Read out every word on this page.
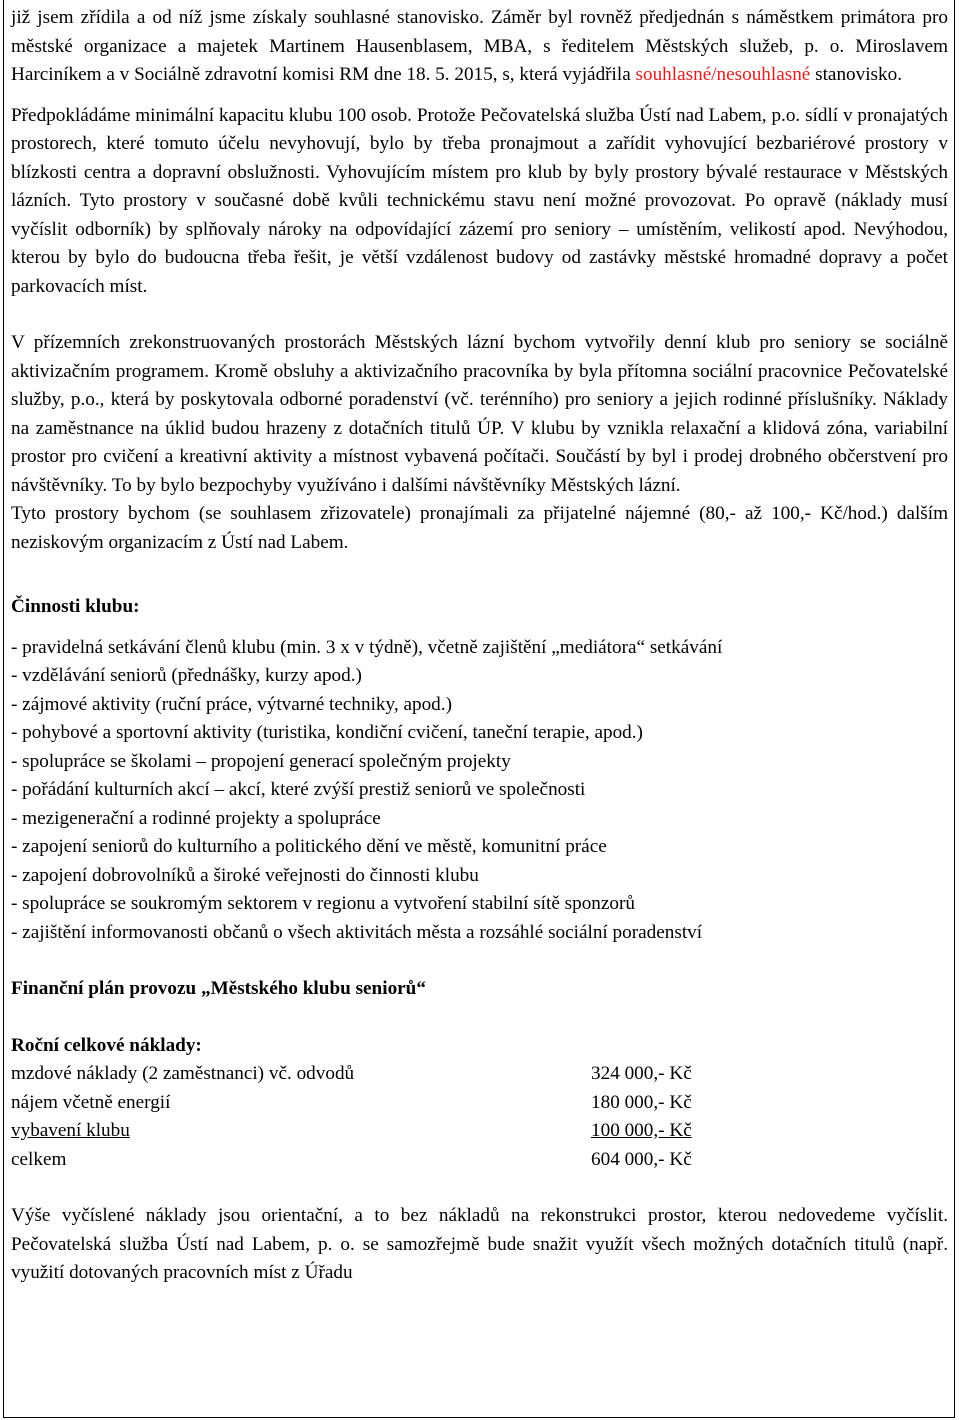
již jsem zřídila a od níž jsme získaly souhlasné stanovisko. Záměr byl rovněž předjednán s náměstkem primátora pro městské organizace a majetek Martinem Hausenblasem, MBA, s ředitelem Městských služeb, p. o. Miroslavem Harciníkem a v Sociálně zdravotní komisi RM dne 18. 5. 2015, s, která vyjádřila souhlasné/nesouhlasné stanovisko.

Předpokládáme minimální kapacitu klubu 100 osob. Protože Pečovatelská služba Ústí nad Labem, p.o. sídlí v pronajatých prostorech, které tomuto účelu nevyhovují, bylo by třeba pronajmout a zařídit vyhovující bezbariérové prostory v blízkosti centra a dopravní obslužnosti. Vyhovujícím místem pro klub by byly prostory bývalé restaurace v Městských lázních. Tyto prostory v současné době kvůli technickému stavu není možné provozovat. Po opravě (náklady musí vyčíslit odborník) by splňovaly nároky na odpovídající zázemí pro seniory – umístěním, velikostí apod. Nevýhodou, kterou by bylo do budoucna třeba řešit, je větší vzdálenost budovy od zastávky městské hromadné dopravy a počet parkovacích míst.

V přízemních zrekonstruovaných prostorách Městských lázní bychom vytvořily denní klub pro seniory se sociálně aktivizačním programem. Kromě obsluhy a aktivizačního pracovníka by byla přítomna sociální pracovnice Pečovatelské služby, p.o., která by poskytovala odborné poradenství (vč. terénního) pro seniory a jejich rodinné příslušníky. Náklady na zaměstnance na úklid budou hrazeny z dotačních titulů ÚP. V klubu by vznikla relaxační a klidová zóna, variabilní prostor pro cvičení a kreativní aktivity a místnost vybavená počítači. Součástí by byl i prodej drobného občerstvení pro návštěvníky. To by bylo bezpochyby využíváno i dalšími návštěvníky Městských lázní.

Tyto prostory bychom (se souhlasem zřizovatele) pronajímali za přijatelné nájemné (80,- až 100,- Kč/hod.) dalším neziskovým organizacím z Ústí nad Labem.

Činnosti klubu:
- pravidelná setkávání členů klubu (min. 3 x v týdně), včetně zajištění „mediátora“ setkávání
- vzdělávání seniorů (přednášky, kurzy apod.)
- zájmové aktivity (ruční práce, výtvarné techniky, apod.)
- pohybové a sportovní aktivity (turistika, kondiční cvičení, taneční terapie, apod.)
- spolupráce se školami – propojení generací společným projekty
- pořádání kulturních akcí – akcí, které zvýší prestiž seniorů ve společnosti
- mezigenerační a rodinné projekty a spolupráce
- zapojení seniorů do kulturního a politického dění ve městě, komunitní práce
- zapojení dobrovolníků a široké veřejnosti do činnosti klubu
- spolupráce se soukromým sektorem v regionu a vytvoření stabilní sítě sponzorů
- zajištění informovanosti občanů o všech aktivitách města a rozsáhlé sociální poradenství
Finanční plán provozu „Městského klubu seniorů“
Roční celkové náklady:
mzdové náklady (2 zaměstnanci) vč. odvodů	324 000,- Kč
nájem včetně energií	180 000,- Kč
vybavení klubu	100 000,- Kč
celkem	604 000,- Kč

Výše vyčíslené náklady jsou orientační, a to bez nákladů na rekonstrukci prostor, kterou nedovedeme vyčíslit. Pečovatelská služba Ústí nad Labem, p. o. se samozřejmě bude snažit využít všech možných dotačních titulů (např. využití dotovaných pracovních míst z Úřadu
